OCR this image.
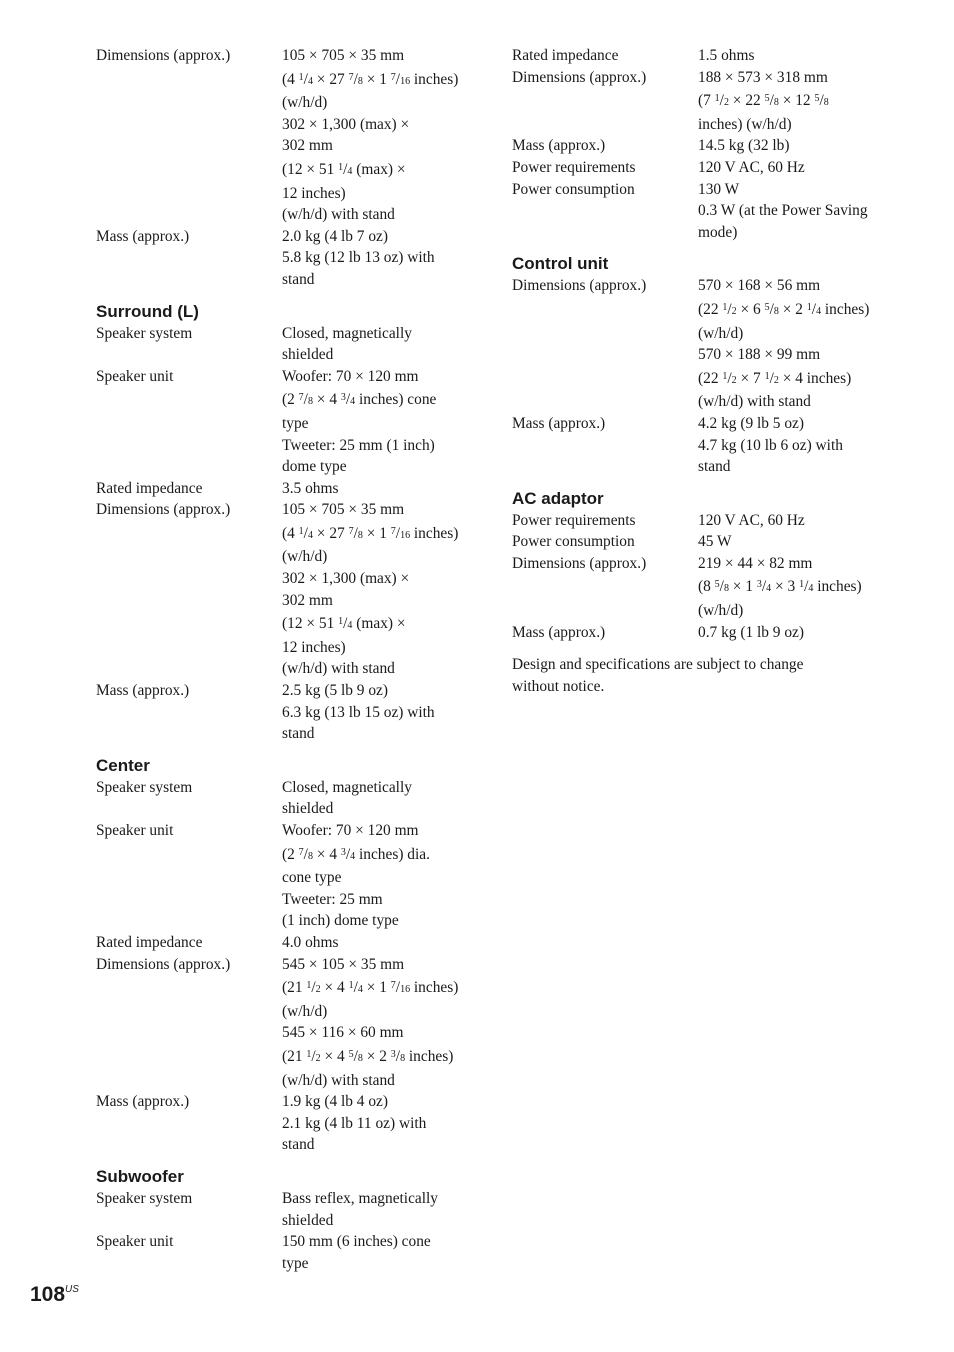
Dimensions (approx.)	105 × 705 × 35 mm
(4 $^1$/4 × 27 $^7$/8 × 1 $^7$/16 inches)
(w/h/d)
302 × 1,300 (max) ×
302 mm
(12 × 51 $^1$/4 (max) ×
12 inches)
(w/h/d) with stand
Mass (approx.)	2.0 kg (4 lb 7 oz)
5.8 kg (12 lb 13 oz) with
stand
Surround (L)
Speaker system	Closed, magnetically
shielded
Speaker unit	Woofer: 70 × 120 mm
(2 $^7$/8 × 4 $^3$/4 inches) cone
type
Tweeter: 25 mm (1 inch)
dome type
Rated impedance	3.5 ohms
Dimensions (approx.)	105 × 705 × 35 mm
(4 $^1$/4 × 27 $^7$/8 × 1 $^7$/16 inches)
(w/h/d)
302 × 1,300 (max) ×
302 mm
(12 × 51 $^1$/4 (max) ×
12 inches)
(w/h/d) with stand
Mass (approx.)	2.5 kg (5 lb 9 oz)
6.3 kg (13 lb 15 oz) with
stand
Center
Speaker system	Closed, magnetically
shielded
Speaker unit	Woofer: 70 × 120 mm
(2 $^7$/8 × 4 $^3$/4 inches) dia.
cone type
Tweeter: 25 mm
(1 inch) dome type
Rated impedance	4.0 ohms
Dimensions (approx.)	545 × 105 × 35 mm
(21 $^1$/2 × 4 $^1$/4 × 1 $^7$/16 inches)
(w/h/d)
545 × 116 × 60 mm
(21 $^1$/2 × 4 $^5$/8 × 2 $^3$/8 inches)
(w/h/d) with stand
Mass (approx.)	1.9 kg (4 lb 4 oz)
2.1 kg (4 lb 11 oz) with
stand
Subwoofer
Speaker system	Bass reflex, magnetically
shielded
Speaker unit	150 mm (6 inches) cone
type
Rated impedance	1.5 ohms
Dimensions (approx.)	188 × 573 × 318 mm
(7 $^1$/2 × 22 $^5$/8 × 12 $^5$/8
inches) (w/h/d)
Mass (approx.)	14.5 kg (32 lb)
Power requirements	120 V AC, 60 Hz
Power consumption	130 W
0.3 W (at the Power Saving
mode)
Control unit
Dimensions (approx.)	570 × 168 × 56 mm
(22 $^1$/2 × 6 $^5$/8 × 2 $^1$/4 inches)
(w/h/d)
570 × 188 × 99 mm
(22 $^1$/2 × 7 $^1$/2 × 4 inches)
(w/h/d) with stand
Mass (approx.)	4.2 kg (9 lb 5 oz)
4.7 kg (10 lb 6 oz) with
stand
AC adaptor
Power requirements	120 V AC, 60 Hz
Power consumption	45 W
Dimensions (approx.)	219 × 44 × 82 mm
(8 $^5$/8 × 1 $^3$/4 × 3 $^1$/4 inches)
(w/h/d)
Mass (approx.)	0.7 kg (1 lb 9 oz)
Design and specifications are subject to change
without notice.
$108^{US}$
